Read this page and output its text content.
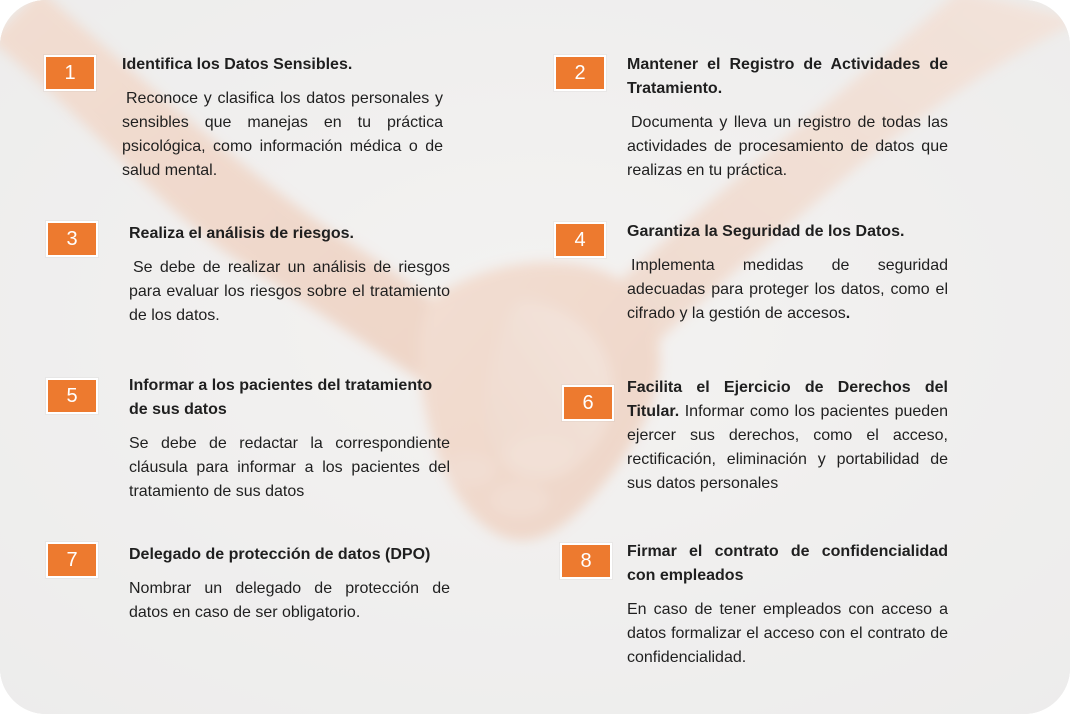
1	Identifica los Datos Sensibles.
Reconoce y clasifica los datos personales y sensibles que manejas en tu práctica psicológica, como información médica o de salud mental.
2	Mantener el Registro de Actividades de Tratamiento.
Documenta y lleva un registro de todas las actividades de procesamiento de datos que realizas en tu práctica.
3	Realiza el análisis de riesgos.
Se debe de realizar un análisis de riesgos para evaluar los riesgos sobre el tratamiento de los datos.
4	Garantiza la Seguridad de los Datos.
Implementa medidas de seguridad adecuadas para proteger los datos, como el cifrado y la gestión de accesos.
5	Informar a los pacientes del tratamiento de sus datos
Se debe de redactar la correspondiente cláusula para informar a los pacientes del tratamiento de sus datos
6
Facilita el Ejercicio de Derechos del Titular. Informar como los pacientes pueden ejercer sus derechos, como el acceso, rectificación, eliminación y portabilidad de sus datos personales
7	Delegado de protección de datos (DPO)
Nombrar un delegado de protección de datos en caso de ser obligatorio.
8	Firmar el contrato de confidencialidad con empleados
En caso de tener empleados con acceso a datos formalizar el acceso con el contrato de confidencialidad.
